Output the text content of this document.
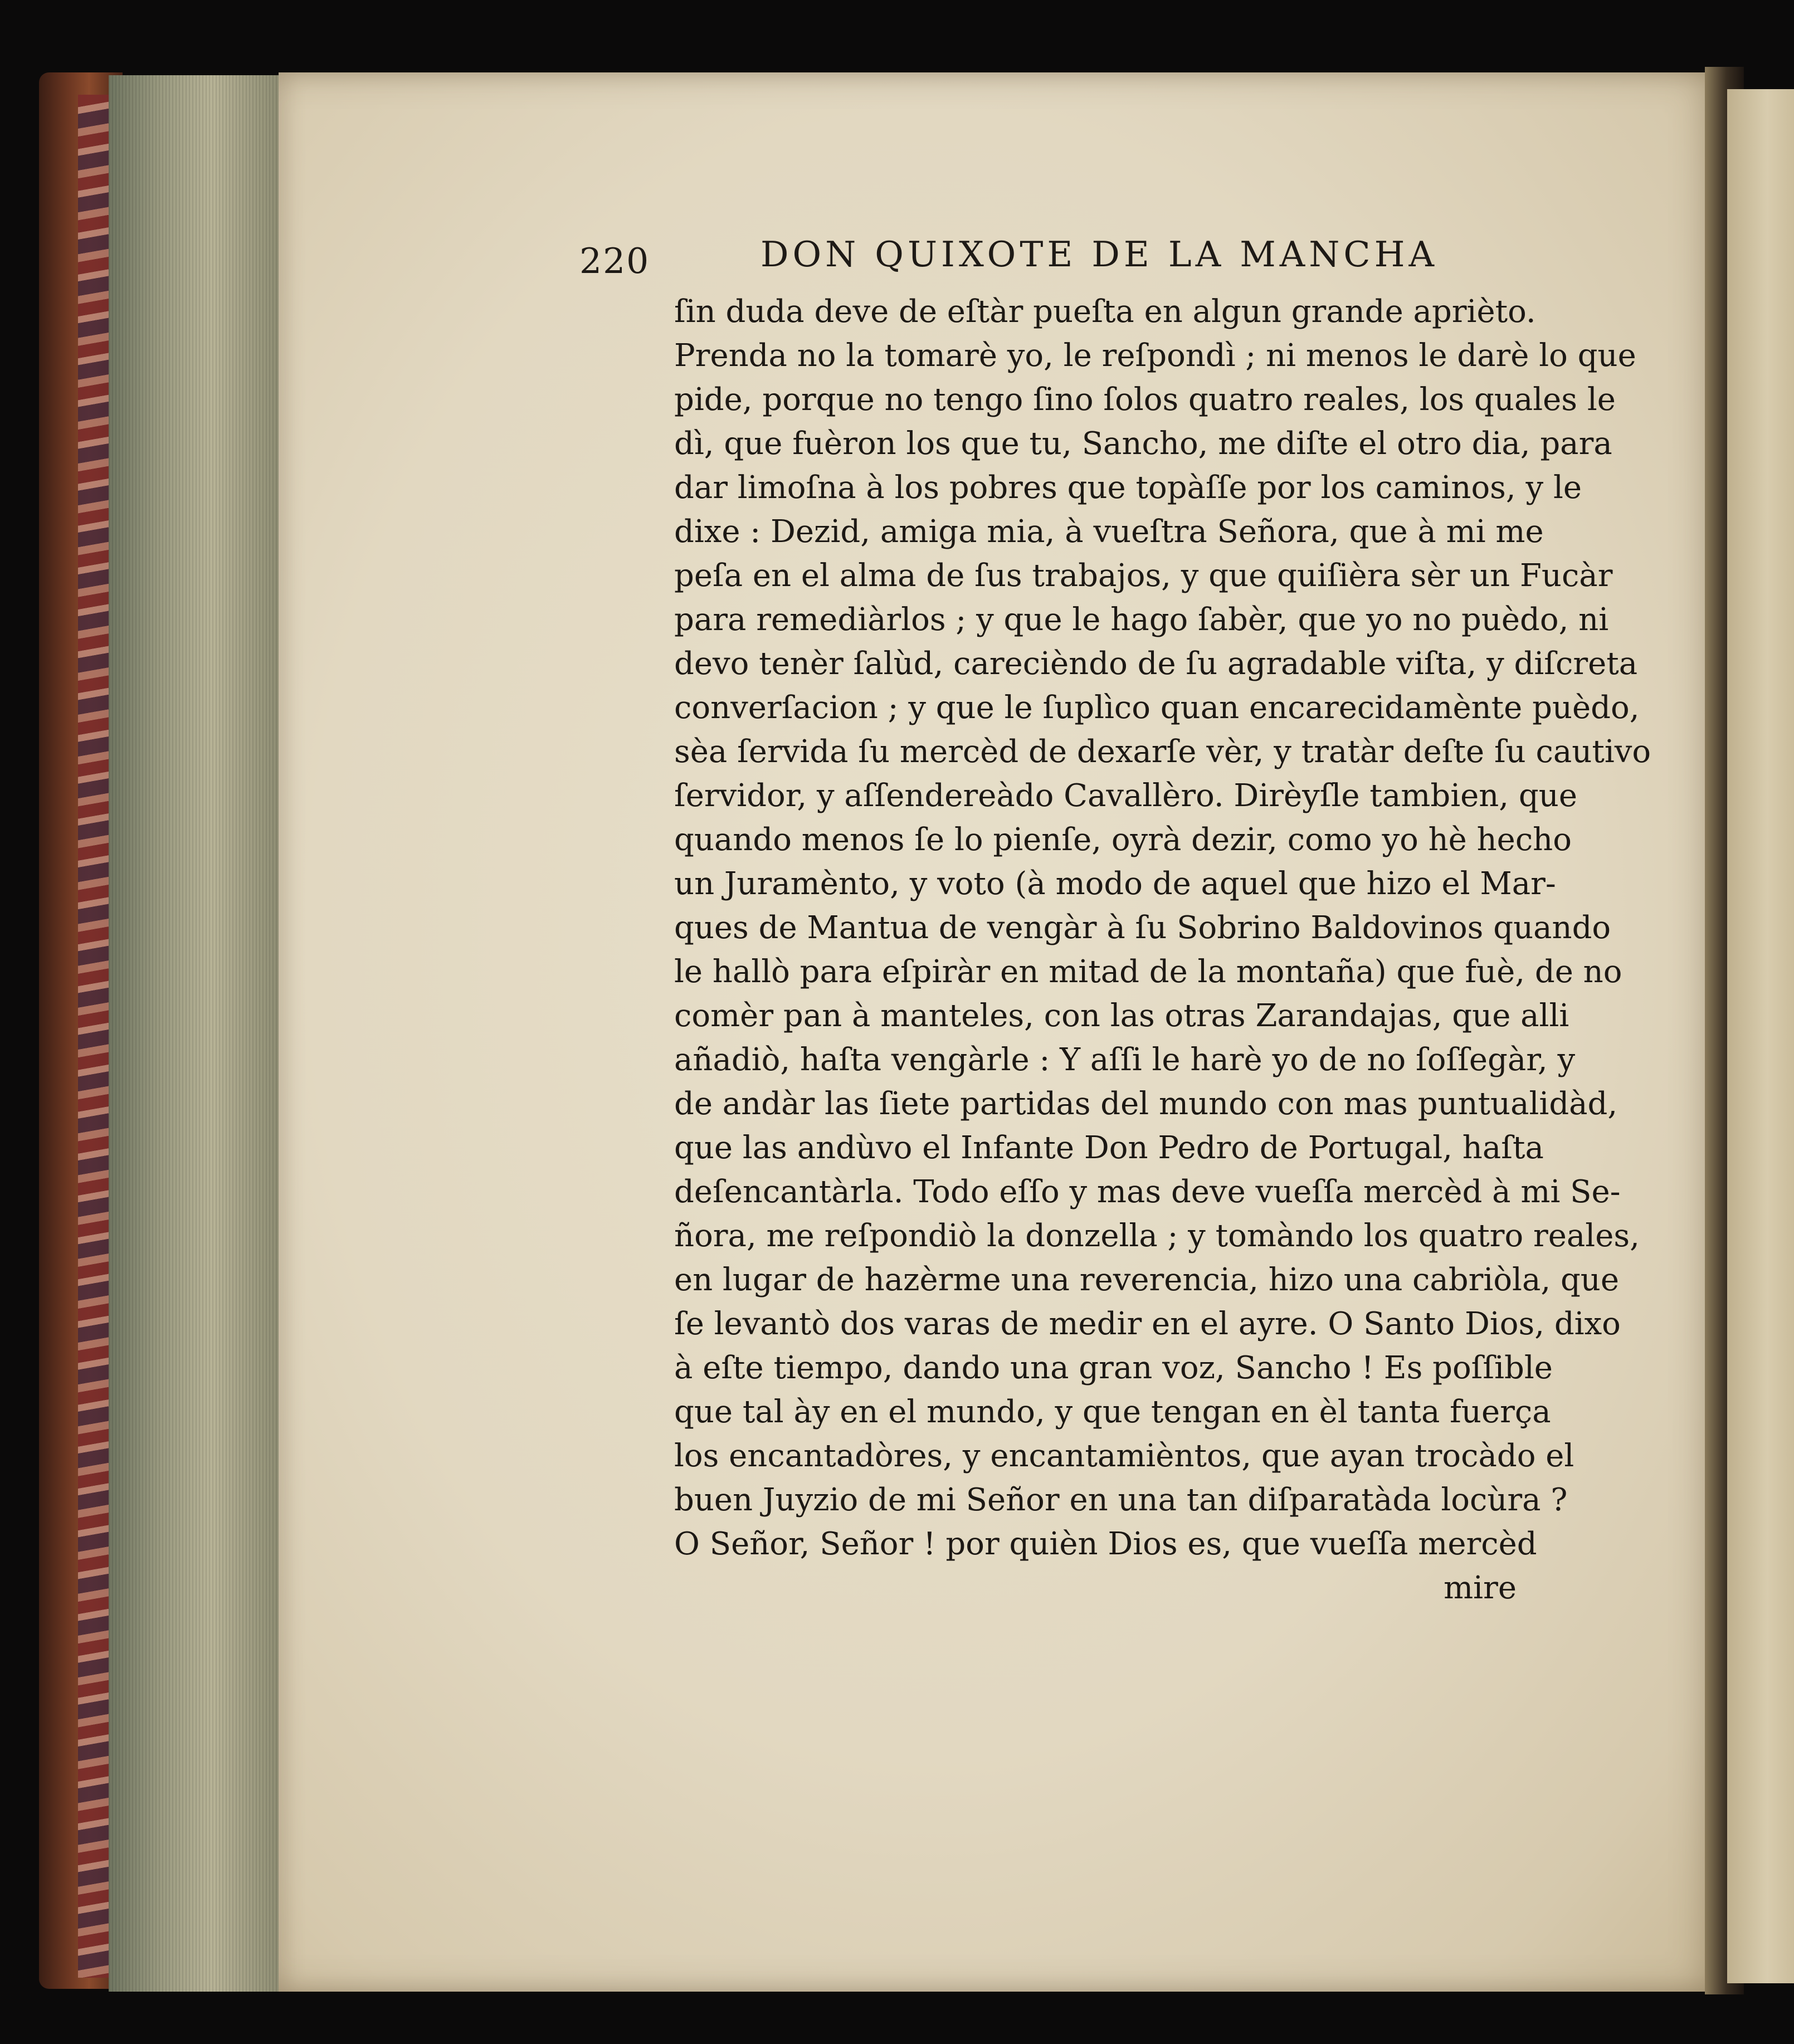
220	DON QUIXOTE DE LA MANCHA
ſin duda deve de eſtàr pueſta en algun grande aprièto.
Prenda no la tomarè yo, le reſpondì ; ni menos le darè lo que
pide, porque no tengo ſino ſolos quatro reales, los quales le
dì, que fuèron los que tu, Sancho, me diſte el otro dia, para
dar limoſna à los pobres que topàſſe por los caminos, y le
dixe : Dezid, amiga mia, à vueſtra Señora, que à mi me
peſa en el alma de ſus trabajos, y que quiſièra sèr un Fucàr
para remediàrlos ; y que le hago ſabèr, que yo no puèdo, ni
devo tenèr ſalùd, carecièndo de ſu agradable viſta, y diſcreta
converſacion ; y que le ſuplìco quan encarecidamènte puèdo,
sèa ſervida ſu mercèd de dexarſe vèr, y tratàr deſte ſu cautivo
ſervidor, y aſſendereàdo Cavallèro. Dirèyſle tambien, que
quando menos ſe lo pienſe, oyrà dezir, como yo hè hecho
un Juramènto, y voto (à modo de aquel que hizo el Mar-
ques de Mantua de vengàr à ſu Sobrino Baldovinos quando
le hallò para eſpiràr en mitad de la montaña) que fuè, de no
comèr pan à manteles, con las otras Zarandajas, que alli
añadiò, haſta vengàrle : Y aſſi le harè yo de no ſoſſegàr, y
de andàr las ſiete partidas del mundo con mas puntualidàd,
que las andùvo el Infante Don Pedro de Portugal, haſta
deſencantàrla. Todo eſſo y mas deve vueſſa mercèd à mi Se-
ñora, me reſpondiò la donzella ; y tomàndo los quatro reales,
en lugar de hazèrme una reverencia, hizo una cabriòla, que
ſe levantò dos varas de medir en el ayre. O Santo Dios, dixo
à eſte tiempo, dando una gran voz, Sancho ! Es poſſible
que tal ày en el mundo, y que tengan en èl tanta fuerça
los encantadòres, y encantamièntos, que ayan trocàdo el
buen Juyzio de mi Señor en una tan diſparatàda locùra ?
O Señor, Señor ! por quièn Dios es, que vueſſa mercèd
mire
